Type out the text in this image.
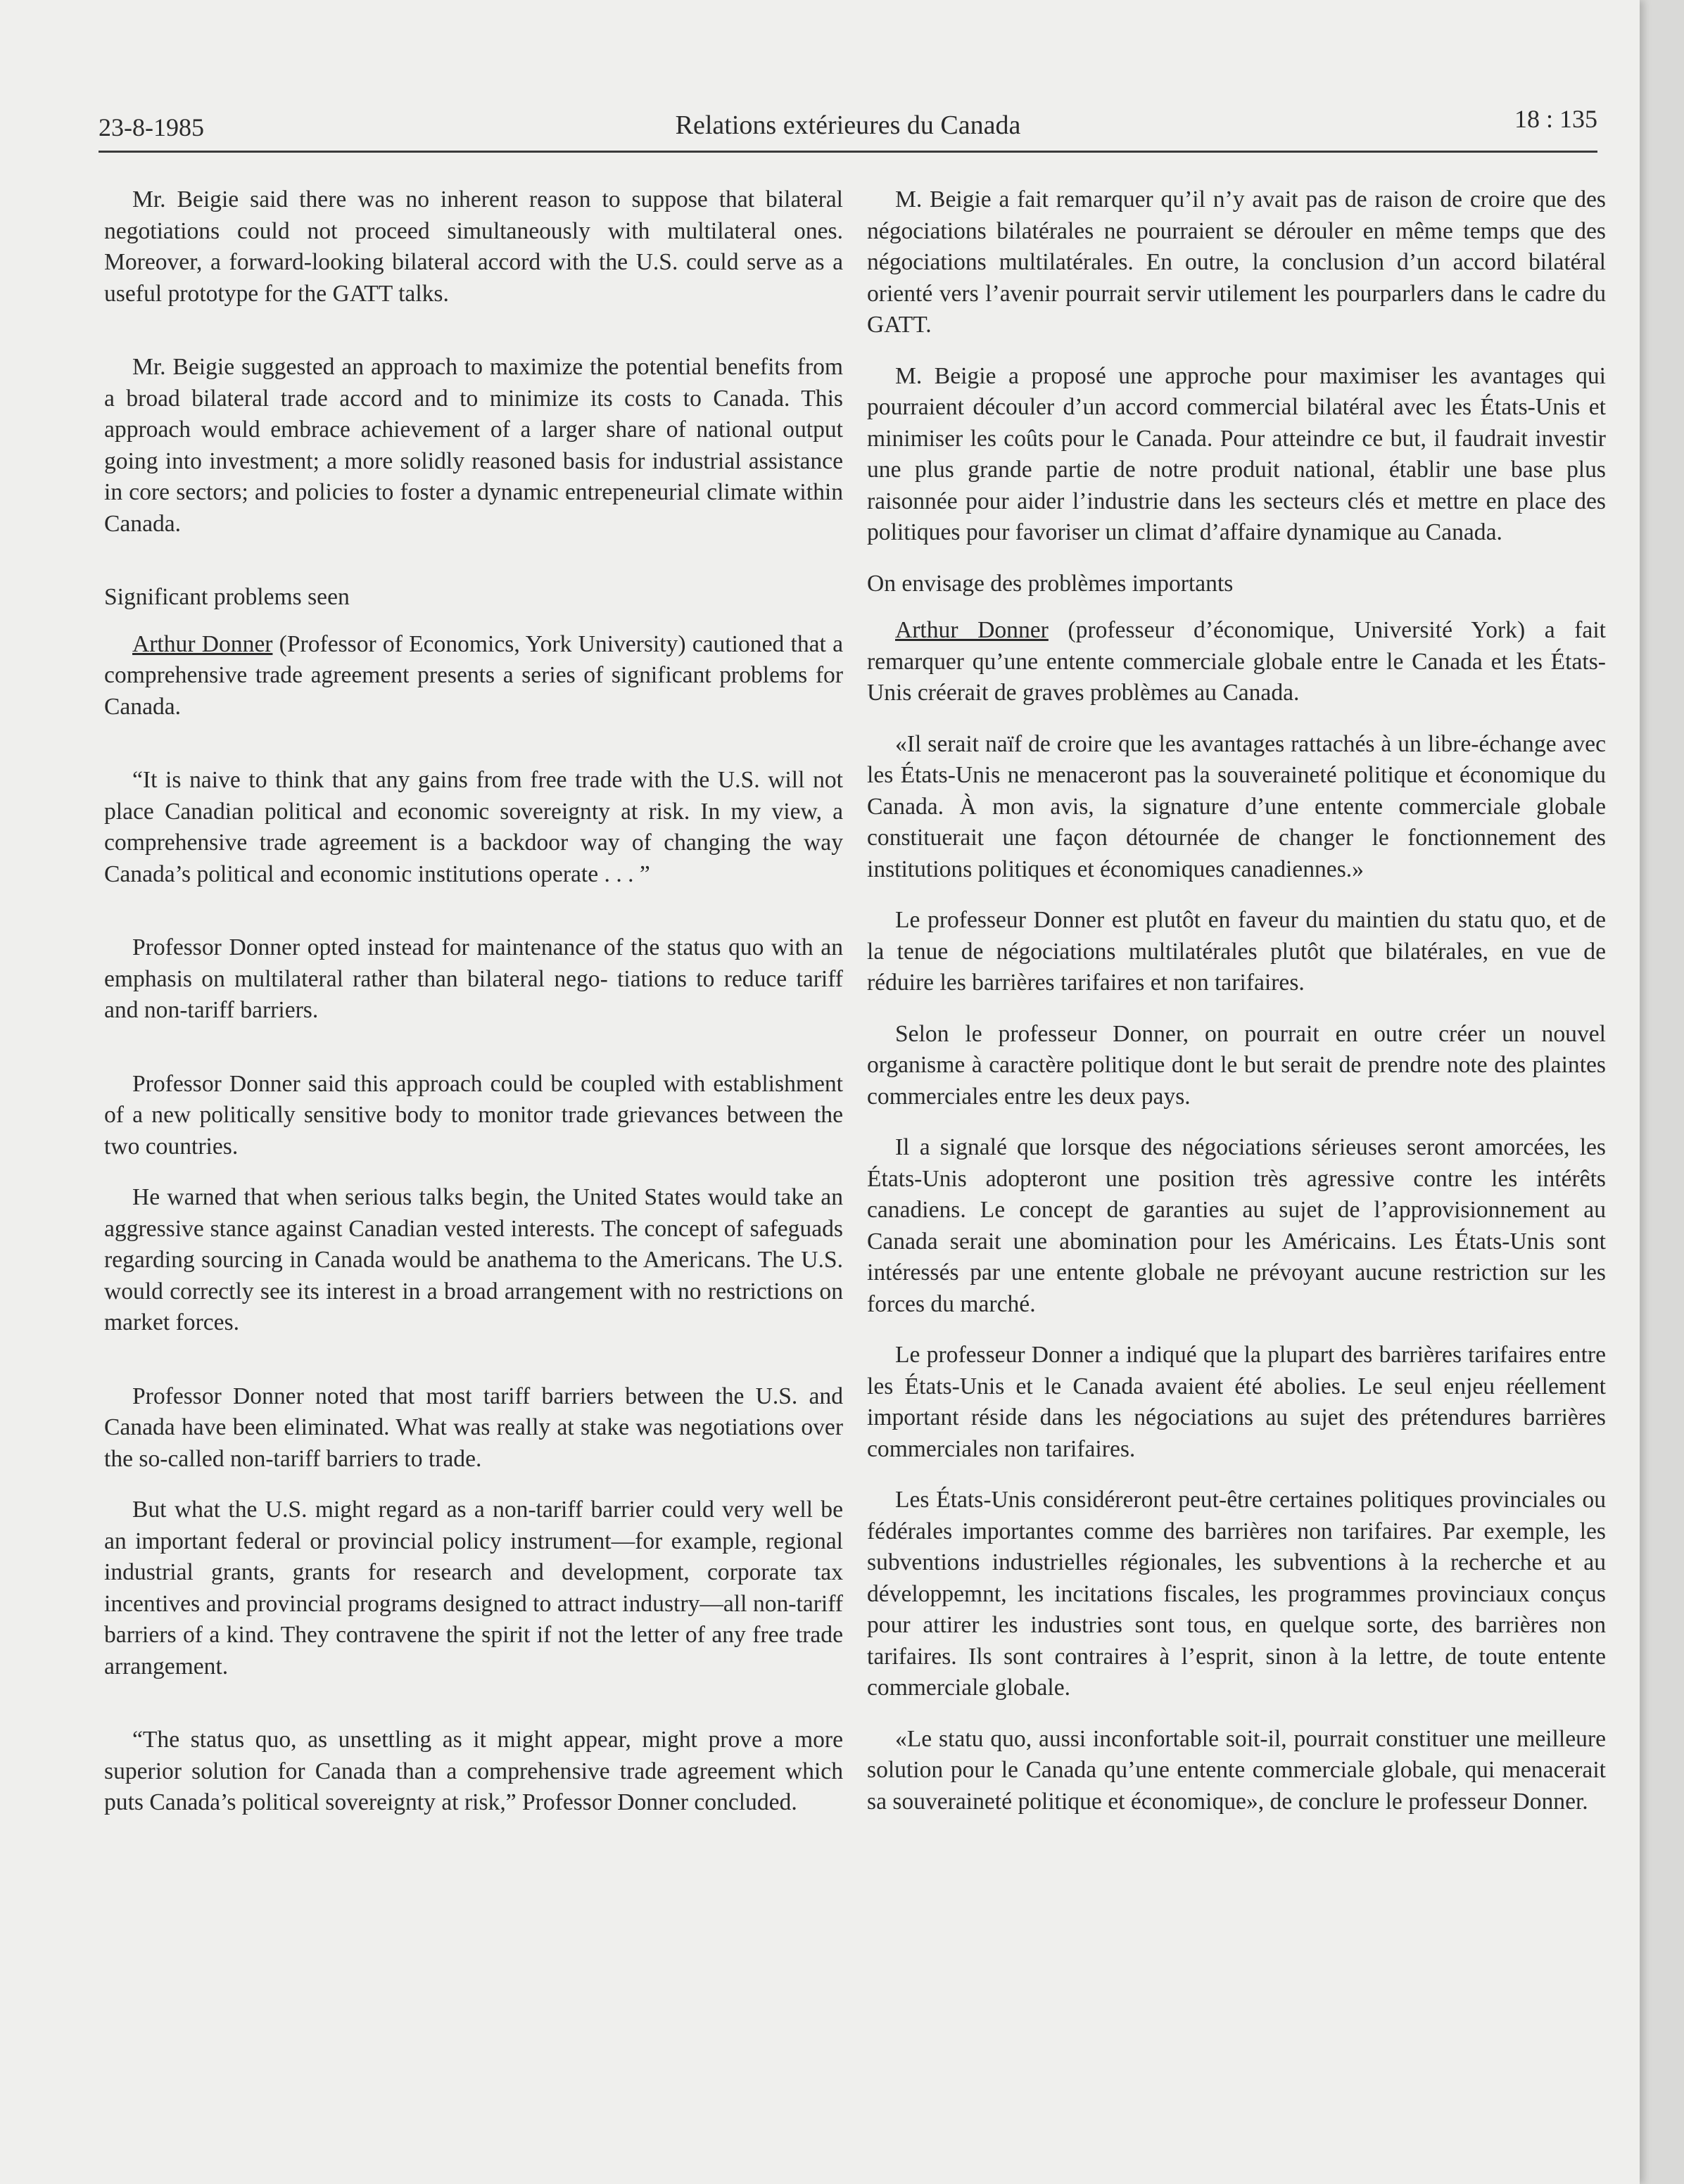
23-8-1985	Relations extérieures du Canada	18 : 135

Mr. Beigie said there was no inherent reason to suppose that bilateral negotiations could not proceed simultaneously with multilateral ones. Moreover, a forward-looking bilateral accord with the U.S. could serve as a useful prototype for the GATT talks.

Mr. Beigie suggested an approach to maximize the potential benefits from a broad bilateral trade accord and to minimize its costs to Canada. This approach would embrace achievement of a larger share of national output going into investment; a more solidly reasoned basis for industrial assistance in core sectors; and policies to foster a dynamic entrepeneurial climate within Canada.

Significant problems seen

Arthur Donner (Professor of Economics, York University) cautioned that a comprehensive trade agreement presents a series of significant problems for Canada.

“It is naive to think that any gains from free trade with the U.S. will not place Canadian political and economic sovereignty at risk. In my view, a comprehensive trade agreement is a backdoor way of changing the way Canada’s political and economic institutions operate . . . ”

Professor Donner opted instead for maintenance of the status quo with an emphasis on multilateral rather than bilateral nego- tiations to reduce tariff and non-tariff barriers.

Professor Donner said this approach could be coupled with establishment of a new politically sensitive body to monitor trade grievances between the two countries.

He warned that when serious talks begin, the United States would take an aggressive stance against Canadian vested interests. The concept of safeguads regarding sourcing in Canada would be anathema to the Americans. The U.S. would correctly see its interest in a broad arrangement with no restrictions on market forces.

Professor Donner noted that most tariff barriers between the U.S. and Canada have been eliminated. What was really at stake was negotiations over the so-called non-tariff barriers to trade.

But what the U.S. might regard as a non-tariff barrier could very well be an important federal or provincial policy instrument—for example, regional industrial grants, grants for research and development, corporate tax incentives and provincial programs designed to attract industry—all non-tariff barriers of a kind. They contravene the spirit if not the letter of any free trade arrangement.

“The status quo, as unsettling as it might appear, might prove a more superior solution for Canada than a comprehensive trade agreement which puts Canada’s political sovereignty at risk,” Professor Donner concluded.

M. Beigie a fait remarquer qu’il n’y avait pas de raison de croire que des négociations bilatérales ne pourraient se dérouler en même temps que des négociations multilatérales. En outre, la conclusion d’un accord bilatéral orienté vers l’avenir pourrait servir utilement les pourparlers dans le cadre du GATT.

M. Beigie a proposé une approche pour maximiser les avantages qui pourraient découler d’un accord commercial bilatéral avec les États-Unis et minimiser les coûts pour le Canada. Pour atteindre ce but, il faudrait investir une plus grande partie de notre produit national, établir une base plus raisonnée pour aider l’industrie dans les secteurs clés et mettre en place des politiques pour favoriser un climat d’affaire dynamique au Canada.

On envisage des problèmes importants

Arthur Donner (professeur d’économique, Université York) a fait remarquer qu’une entente commerciale globale entre le Canada et les États-Unis créerait de graves problèmes au Canada.

«Il serait naïf de croire que les avantages rattachés à un libre-échange avec les États-Unis ne menaceront pas la souveraineté politique et économique du Canada. À mon avis, la signature d’une entente commerciale globale constituerait une façon détournée de changer le fonctionnement des institutions politiques et économiques canadiennes.»

Le professeur Donner est plutôt en faveur du maintien du statu quo, et de la tenue de négociations multilatérales plutôt que bilatérales, en vue de réduire les barrières tarifaires et non tarifaires.

Selon le professeur Donner, on pourrait en outre créer un nouvel organisme à caractère politique dont le but serait de prendre note des plaintes commerciales entre les deux pays.

Il a signalé que lorsque des négociations sérieuses seront amorcées, les États-Unis adopteront une position très agressive contre les intérêts canadiens. Le concept de garanties au sujet de l’approvisionnement au Canada serait une abomination pour les Américains. Les États-Unis sont intéressés par une entente globale ne prévoyant aucune restriction sur les forces du marché.

Le professeur Donner a indiqué que la plupart des barrières tarifaires entre les États-Unis et le Canada avaient été abolies. Le seul enjeu réellement important réside dans les négociations au sujet des prétendures barrières commerciales non tarifaires.

Les États-Unis considéreront peut-être certaines politiques provinciales ou fédérales importantes comme des barrières non tarifaires. Par exemple, les subventions industrielles régionales, les subventions à la recherche et au développemnt, les incitations fiscales, les programmes provinciaux conçus pour attirer les industries sont tous, en quelque sorte, des barrières non tarifaires. Ils sont contraires à l’esprit, sinon à la lettre, de toute entente commerciale globale.

«Le statu quo, aussi inconfortable soit-il, pourrait constituer une meilleure solution pour le Canada qu’une entente commerciale globale, qui menacerait sa souveraineté politique et économique», de conclure le professeur Donner.
